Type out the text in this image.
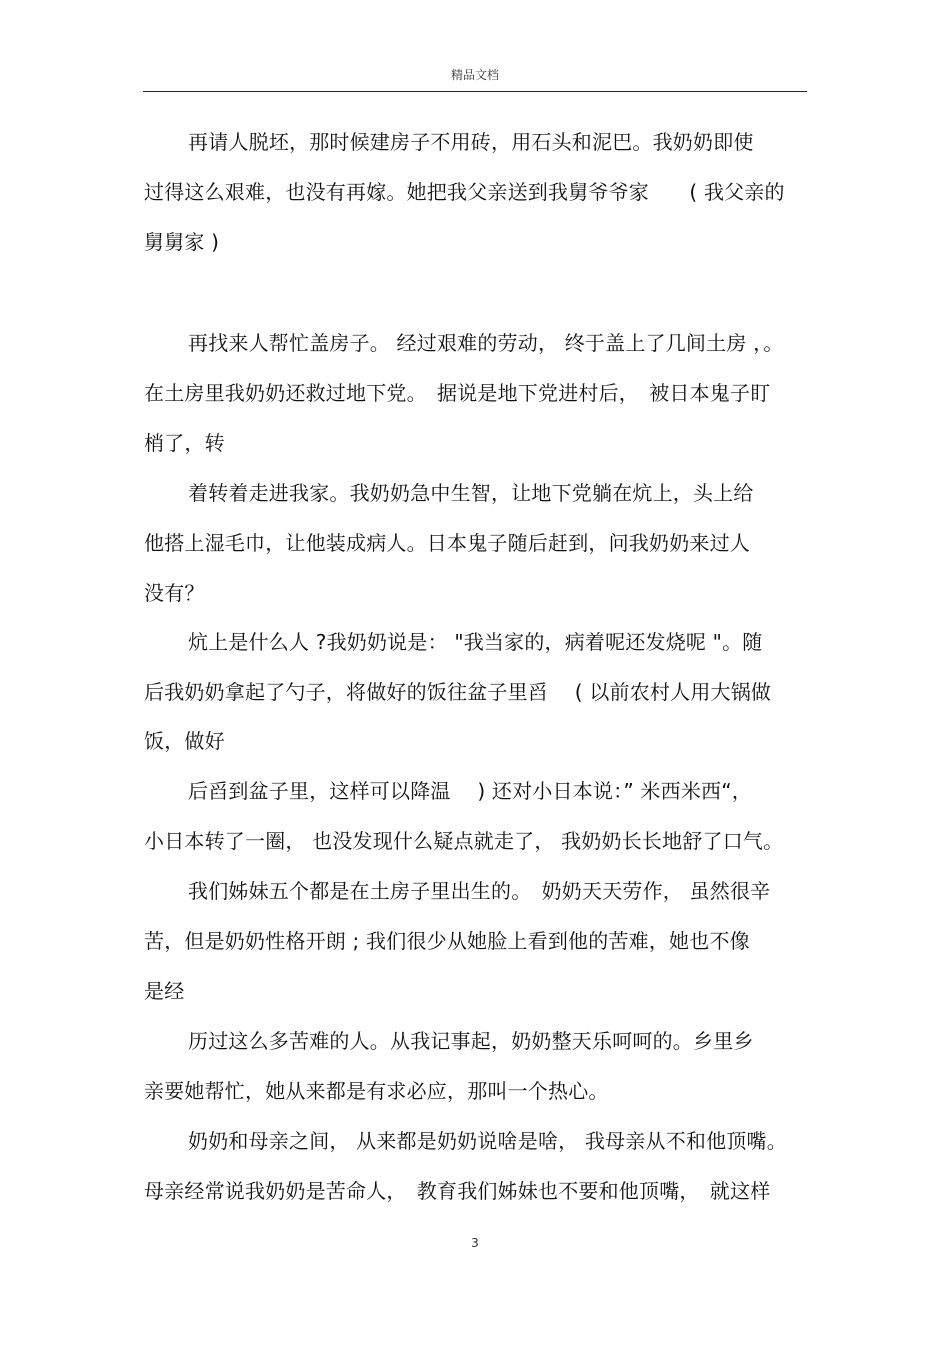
精品文档
再请人脱坯，那时候建房子不用砖，用石头和泥巴。我奶奶即使
过得这么艰难，也没有再嫁。她把我父亲送到我舅爷爷家　　( 我父亲的
舅舅家 )
再找来人帮忙盖房子。 经过艰难的劳动， 终于盖上了几间土房 ，。
在土房里我奶奶还救过地下党。　据说是地下党进村后，　被日本鬼子盯
梢了，转
着转着走进我家。我奶奶急中生智，让地下党躺在炕上，头上给
他搭上湿毛巾，让他装成病人。日本鬼子随后赶到，问我奶奶来过人
没有？
炕上是什么人 ?我奶奶说是： "我当家的，病着呢还发烧呢 "。随
后我奶奶拿起了勺子，将做好的饭往盆子里舀　 ( 以前农村人用大锅做
饭，做好
后舀到盆子里，这样可以降温　 ) 还对小日本说：” 米西米西“，
小日本转了一圈， 也没发现什么疑点就走了， 我奶奶长长地舒了口气。
我们姊妹五个都是在土房子里出生的。　奶奶天天劳作， 虽然很辛
苦，但是奶奶性格开朗 ; 我们很少从她脸上看到他的苦难，她也不像
是经
历过这么多苦难的人。从我记事起，奶奶整天乐呵呵的。乡里乡
亲要她帮忙，她从来都是有求必应，那叫一个热心。
奶奶和母亲之间， 从来都是奶奶说啥是啥， 我母亲从不和他顶嘴。
母亲经常说我奶奶是苦命人，　教育我们姊妹也不要和他顶嘴，　就这样
3
